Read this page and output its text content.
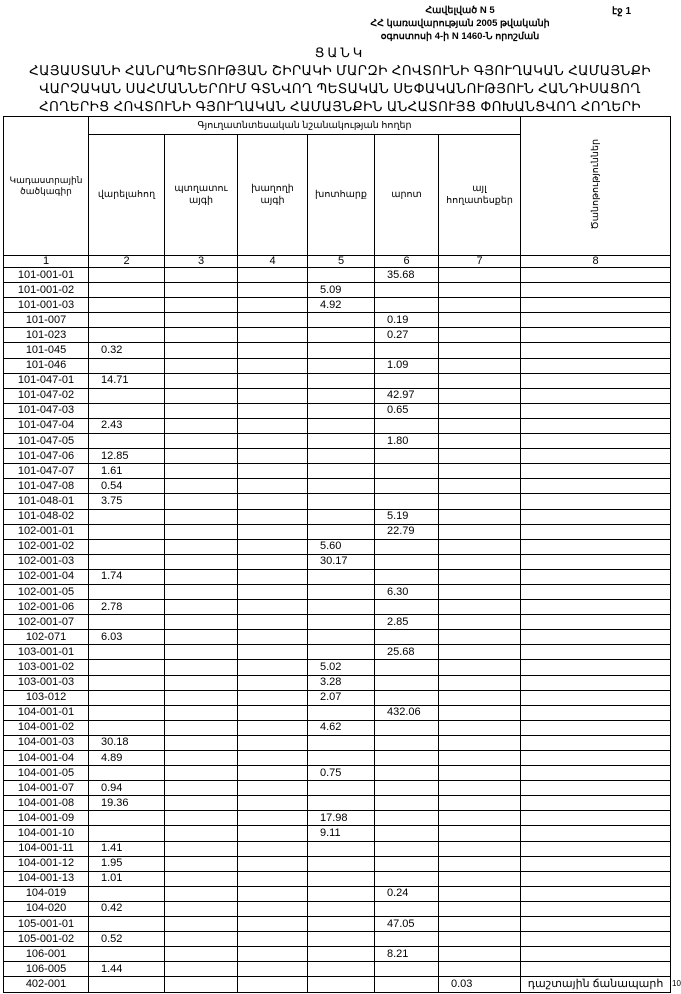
Հավելված N 5
ՀՀ կառավարության 2005 թվականի
օգոստոսի 4-ի N 1460-Ն որոշման
էջ 1
ՑԱՆԿ
ՀԱՅԱՍՏԱՆԻ ՀԱՆՐԱՊԵՏՈՒԹՅԱՆ ՇԻՐԱԿԻ ՄԱՐԶԻ ՀՈՎՏՈՒՆԻ ԳՅՈՒՂԱԿԱՆ ՀԱՄԱՅՆՔԻ
ՎԱՐՉԱԿԱՆ ՍԱՀՄԱՆՆԵՐՈՒՄ ԳՏՆՎՈՂ ՊԵՏԱԿԱՆ ՍԵՓԱԿԱՆՈՒԹՅՈՒՆ ՀԱՆԴԻՍԱՑՈՂ
ՀՈՂԵՐԻՑ ՀՈՎՏՈՒՆԻ ԳՅՈՒՂԱԿԱՆ ՀԱՄԱՅՆՔԻՆ ԱՆՀԱՏՈՒՅՑ ՓՈԽԱՆՑՎՈՂ ՀՈՂԵՐԻ
Կադաստրային ծածկագիր	Գյուղատնտեսական նշանակության հողեր						Ծանոթություններ
	վարելահող	պտղատու այգի	խաղողի այգի	խոտհարք	արոտ	այլ հողատեսքեր	
1	2	3	4	5	6	7	8
101-001-01					35.68		
101-001-02				5.09			
101-001-03				4.92			
101-007					0.19		
101-023					0.27		
101-045	0.32						
101-046					1.09		
101-047-01	14.71						
101-047-02					42.97		
101-047-03					0.65		
101-047-04	2.43						
101-047-05					1.80		
101-047-06	12.85						
101-047-07	1.61						
101-047-08	0.54						
101-048-01	3.75						
101-048-02					5.19		
102-001-01					22.79		
102-001-02				5.60			
102-001-03				30.17			
102-001-04	1.74						
102-001-05					6.30		
102-001-06	2.78						
102-001-07					2.85		
102-071	6.03						
103-001-01					25.68		
103-001-02				5.02			
103-001-03				3.28			
103-012				2.07			
104-001-01					432.06		
104-001-02				4.62			
104-001-03	30.18						
104-001-04	4.89						
104-001-05				0.75			
104-001-07	0.94						
104-001-08	19.36						
104-001-09				17.98			
104-001-10				9.11			
104-001-11	1.41						
104-001-12	1.95						
104-001-13	1.01						
104-019					0.24		
104-020	0.42						
105-001-01					47.05		
105-001-02	0.52						
106-001					8.21		
106-005	1.44						
402-001						0.03	դաշտային ճանապարհ 10
